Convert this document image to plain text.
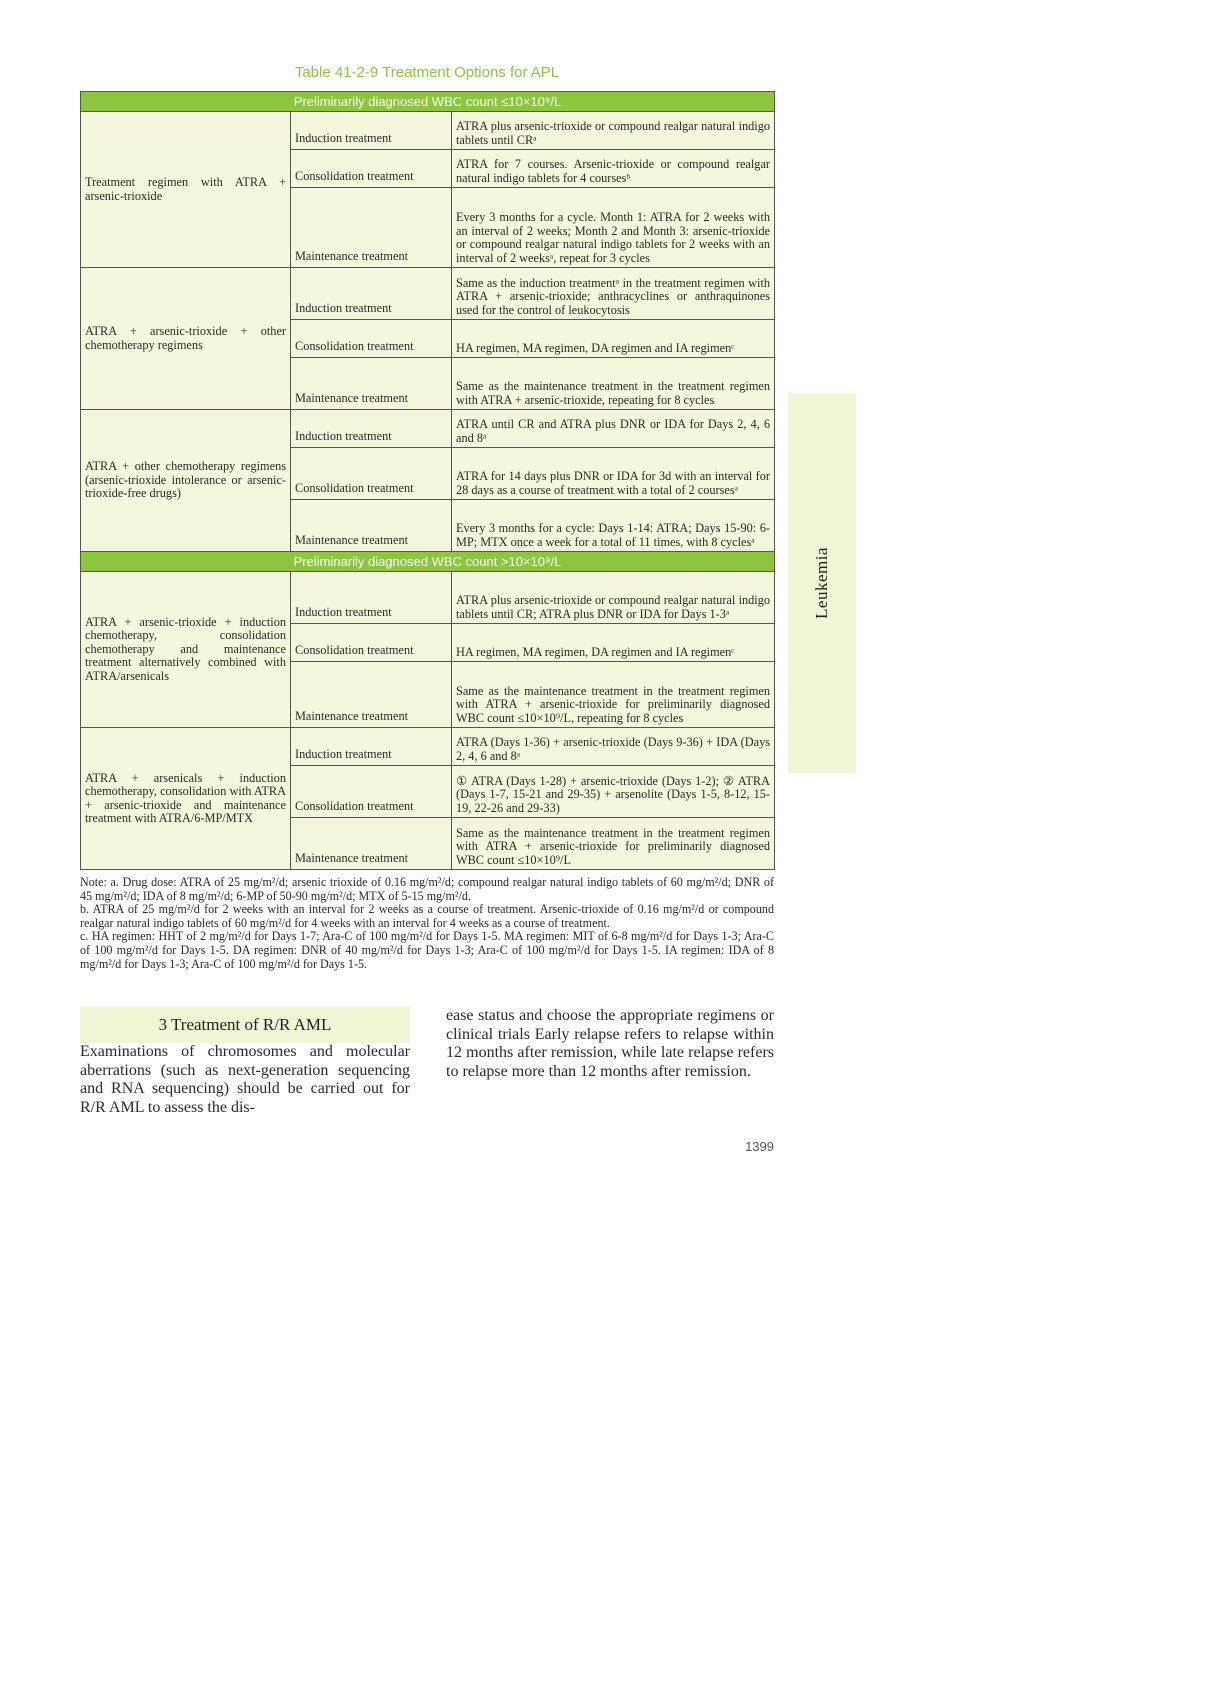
Table 41-2-9 Treatment Options for APL
Preliminarily diagnosed WBC count ≤10×10⁹/L		
Treatment regimen with ATRA + arsenic-trioxide	Induction treatment	ATRA plus arsenic-trioxide or compound realgar natural indigo tablets until CRᵃ
	Consolidation treatment	ATRA for 7 courses. Arsenic-trioxide or compound realgar natural indigo tablets for 4 coursesᵇ
	Maintenance treatment	Every 3 months for a cycle. Month 1: ATRA for 2 weeks with an interval of 2 weeks; Month 2 and Month 3: arsenic-trioxide or compound realgar natural indigo tablets for 2 weeks with an interval of 2 weeksᵃ, repeat for 3 cycles
ATRA + arsenic-trioxide + other chemotherapy regimens	Induction treatment	Same as the induction treatmentᵃ in the treatment regimen with ATRA + arsenic-trioxide; anthracyclines or anthraquinones used for the control of leukocytosis
	Consolidation treatment	HA regimen, MA regimen, DA regimen and IA regimenᶜ
	Maintenance treatment	Same as the maintenance treatment in the treatment regimen with ATRA + arsenic-trioxide, repeating for 8 cycles
ATRA + other chemotherapy regimens (arsenic-trioxide intolerance or arsenic-trioxide-free drugs)	Induction treatment	ATRA until CR and ATRA plus DNR or IDA for Days 2, 4, 6 and 8ᵃ
	Consolidation treatment	ATRA for 14 days plus DNR or IDA for 3d with an interval for 28 days as a course of treatment with a total of 2 coursesᵃ
	Maintenance treatment	Every 3 months for a cycle: Days 1-14: ATRA; Days 15-90: 6-MP; MTX once a week for a total of 11 times, with 8 cyclesᵃ
Preliminarily diagnosed WBC count >10×10⁹/L		
ATRA + arsenic-trioxide + induction chemotherapy, consolidation chemotherapy and maintenance treatment alternatively combined with ATRA/arsenicals	Induction treatment	ATRA plus arsenic-trioxide or compound realgar natural indigo tablets until CR; ATRA plus DNR or IDA for Days 1-3ᵃ
	Consolidation treatment	HA regimen, MA regimen, DA regimen and IA regimenᶜ
	Maintenance treatment	Same as the maintenance treatment in the treatment regimen with ATRA + arsenic-trioxide for preliminarily diagnosed WBC count ≤10×10⁹/L, repeating for 8 cycles
ATRA + arsenicals + induction chemotherapy, consolidation with ATRA + arsenic-trioxide and maintenance treatment with ATRA/6-MP/MTX	Induction treatment	ATRA (Days 1-36) + arsenic-trioxide (Days 9-36) + IDA (Days 2, 4, 6 and 8ᵃ
	Consolidation treatment	① ATRA (Days 1-28) + arsenic-trioxide (Days 1-2); ② ATRA (Days 1-7, 15-21 and 29-35) + arsenolite (Days 1-5, 8-12, 15-19, 22-26 and 29-33)
	Maintenance treatment	Same as the maintenance treatment in the treatment regimen with ATRA + arsenic-trioxide for preliminarily diagnosed WBC count ≤10×10⁹/L

Note: a. Drug dose: ATRA of 25 mg/m²/d; arsenic trioxide of 0.16 mg/m²/d; compound realgar natural indigo tablets of 60 mg/m²/d; DNR of 45 mg/m²/d; IDA of 8 mg/m²/d; 6-MP of 50-90 mg/m²/d; MTX of 5-15 mg/m²/d.

b. ATRA of 25 mg/m²/d for 2 weeks with an interval for 2 weeks as a course of treatment. Arsenic-trioxide of 0.16 mg/m²/d or compound realgar natural indigo tablets of 60 mg/m²/d for 4 weeks with an interval for 4 weeks as a course of treatment.

c. HA regimen: HHT of 2 mg/m²/d for Days 1-7; Ara-C of 100 mg/m²/d for Days 1-5. MA regimen: MIT of 6-8 mg/m²/d for Days 1-3; Ara-C of 100 mg/m²/d for Days 1-5. DA regimen: DNR of 40 mg/m²/d for Days 1-3; Ara-C of 100 mg/m²/d for Days 1-5. IA regimen: IDA of 8 mg/m²/d for Days 1-3; Ara-C of 100 mg/m²/d for Days 1-5.

Leukemia
3 Treatment of R/R AML

Examinations of chromosomes and molecular aberrations (such as next-generation sequencing and RNA sequencing) should be carried out for R/R AML to assess the dis-

ease status and choose the appropriate regimens or clinical trials Early relapse refers to relapse within 12 months after remission, while late relapse refers to relapse more than 12 months after remission.

1399
